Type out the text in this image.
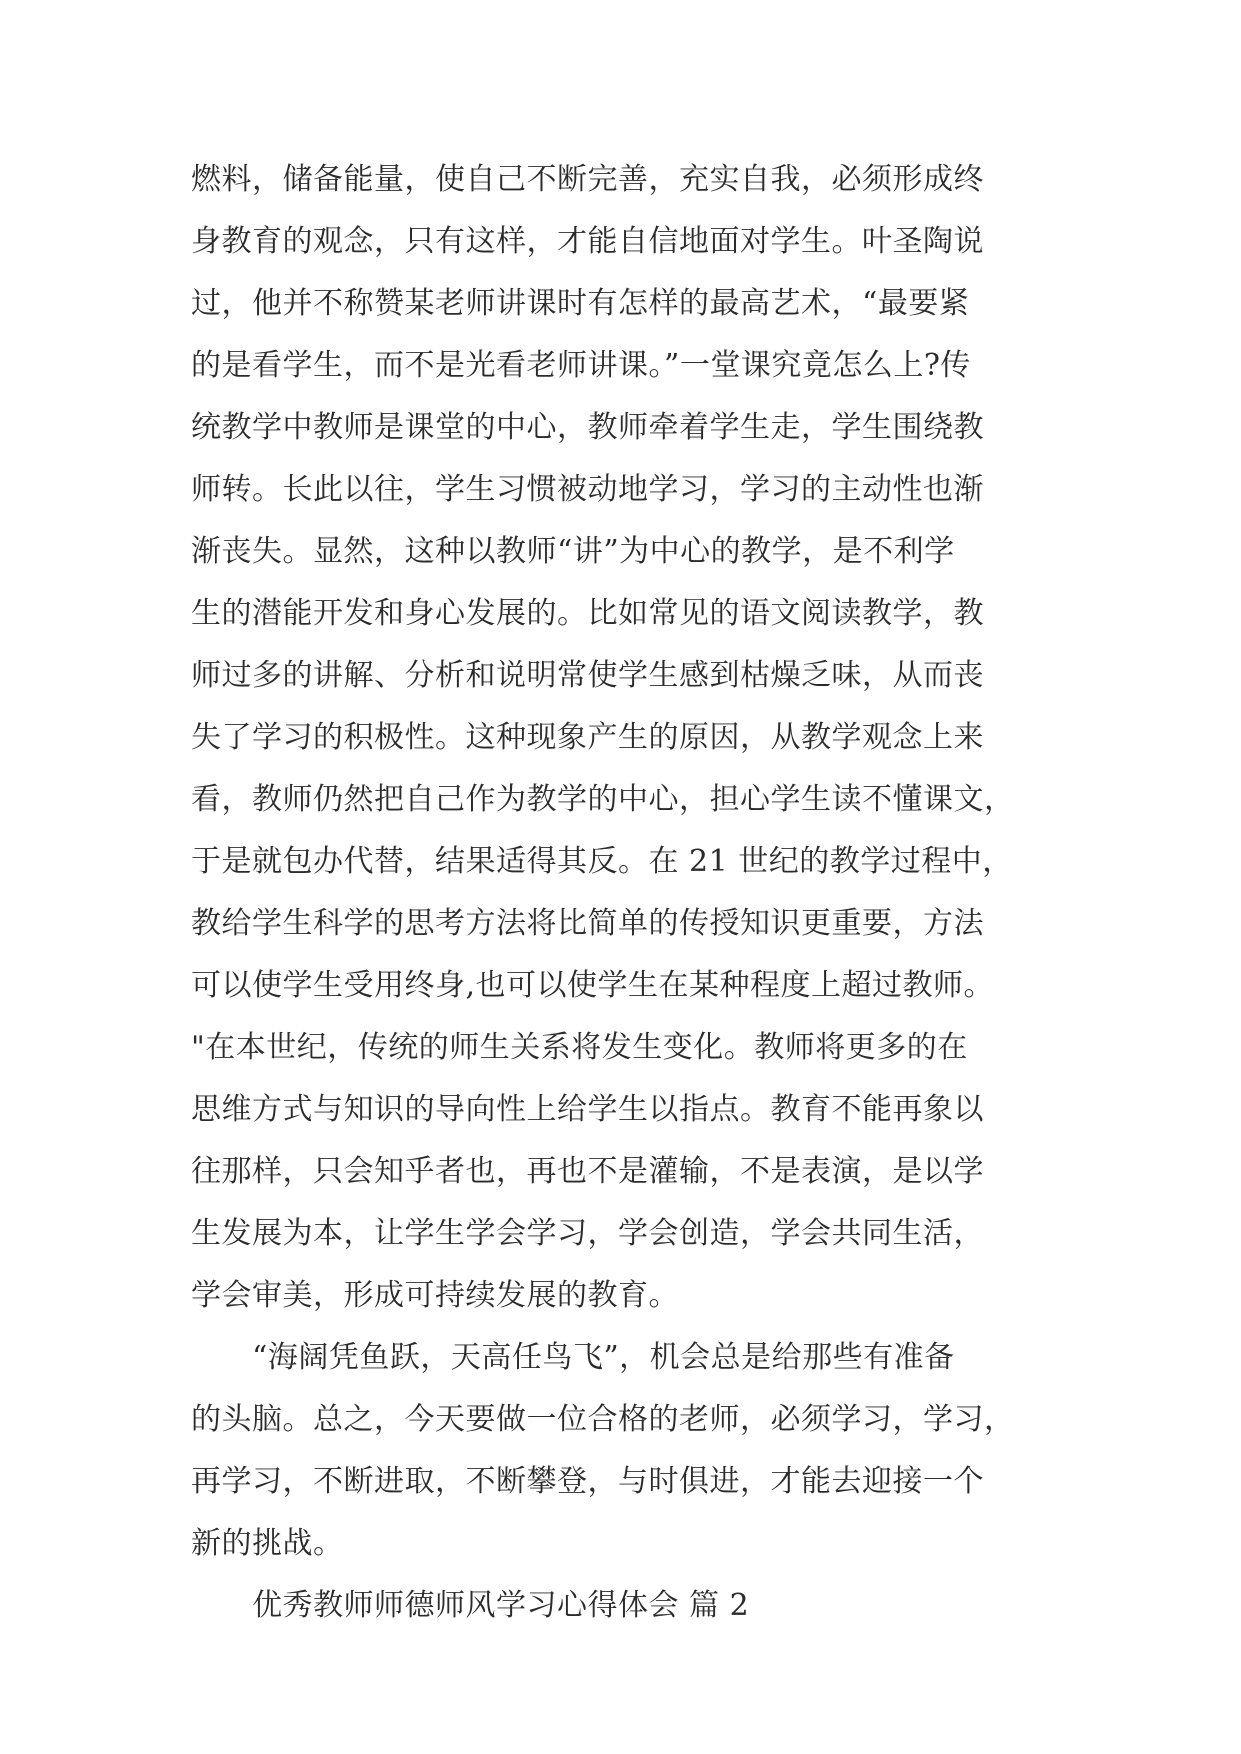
燃料，储备能量，使自己不断完善，充实自我，必须形成终
身教育的观念，只有这样，才能自信地面对学生。叶圣陶说
过，他并不称赞某老师讲课时有怎样的最高艺术，“最要紧
的是看学生，而不是光看老师讲课。”一堂课究竟怎么上?传
统教学中教师是课堂的中心，教师牵着学生走，学生围绕教
师转。长此以往，学生习惯被动地学习，学习的主动性也渐
渐丧失。显然，这种以教师“讲”为中心的教学，是不利学
生的潜能开发和身心发展的。比如常见的语文阅读教学，教
师过多的讲解、分析和说明常使学生感到枯燥乏味，从而丧
失了学习的积极性。这种现象产生的原因，从教学观念上来
看，教师仍然把自己作为教学的中心，担心学生读不懂课文，
于是就包办代替，结果适得其反。在 21 世纪的教学过程中，
教给学生科学的思考方法将比简单的传授知识更重要，方法
可以使学生受用终身,也可以使学生在某种程度上超过教师。
"在本世纪，传统的师生关系将发生变化。教师将更多的在
思维方式与知识的导向性上给学生以指点。教育不能再象以
往那样，只会知乎者也，再也不是灌输，不是表演，是以学
生发展为本，让学生学会学习，学会创造，学会共同生活，
学会审美，形成可持续发展的教育。
“海阔凭鱼跃，天高任鸟飞”，机会总是给那些有准备
的头脑。总之，今天要做一位合格的老师，必须学习，学习，
再学习，不断进取，不断攀登，与时俱进，才能去迎接一个
新的挑战。
优秀教师师德师风学习心得体会 篇 2
